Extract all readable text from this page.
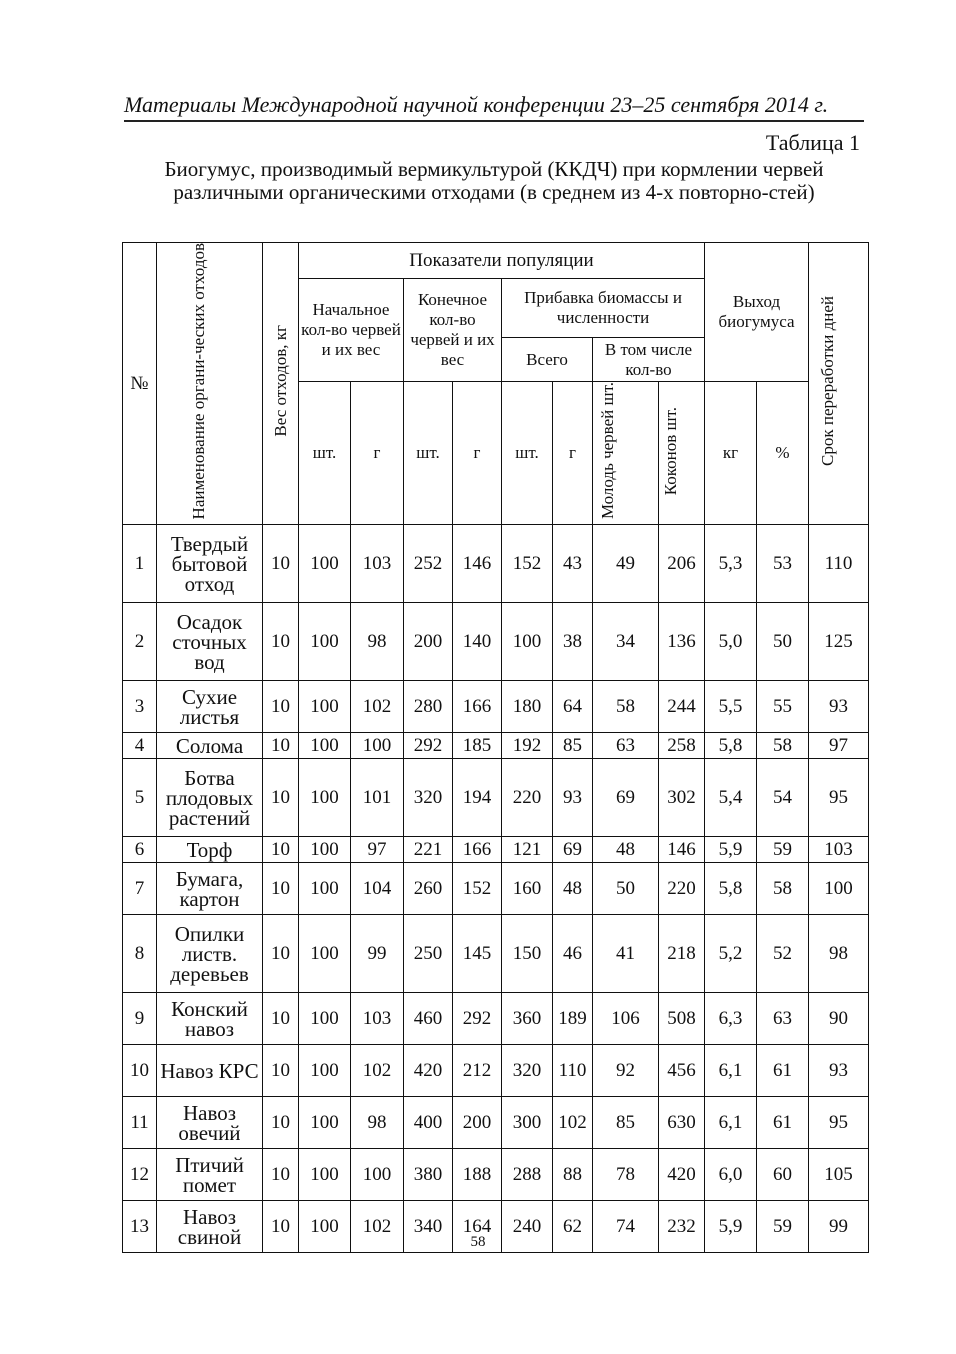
Материалы Международной научной конференции 23–25 сентября 2014 г.
Таблица 1
Биогумус, производимый вермикультурой (ККДЧ) при кормлении червей различными органическими отходами (в среднем из 4-х повторно-стей)
№	Наименование органи-ческих отходов	Вес отходов, кг	Показатели популяции								Выход биогумуса		Срок переработки дней
			Начальное кол-во червей и их вес		Конечное кол-во червей и их вес		Прибавка биомассы и численности						
							Всего		В том числе кол-во				
			шт.	г	шт.	г	шт.	г	Молодь червей шт.	Коконов шт.	кг	%	
1	Твердый бытовой отход	10	100	103	252	146	152	43	49	206	5,3	53	110
2	Осадок сточных вод	10	100	98	200	140	100	38	34	136	5,0	50	125
3	Сухие листья	10	100	102	280	166	180	64	58	244	5,5	55	93
4	Солома	10	100	100	292	185	192	85	63	258	5,8	58	97
5	Ботва плодовых растений	10	100	101	320	194	220	93	69	302	5,4	54	95
6	Торф	10	100	97	221	166	121	69	48	146	5,9	59	103
7	Бумага, картон	10	100	104	260	152	160	48	50	220	5,8	58	100
8	Опилки листв. деревьев	10	100	99	250	145	150	46	41	218	5,2	52	98
9	Конский навоз	10	100	103	460	292	360	189	106	508	6,3	63	90
10	Навоз КРС	10	100	102	420	212	320	110	92	456	6,1	61	93
11	Навоз овечий	10	100	98	400	200	300	102	85	630	6,1	61	95
12	Птичий помет	10	100	100	380	188	288	88	78	420	6,0	60	105
13	Навоз свиной	10	100	102	340	164	240	62	74	232	5,9	59	99
58
